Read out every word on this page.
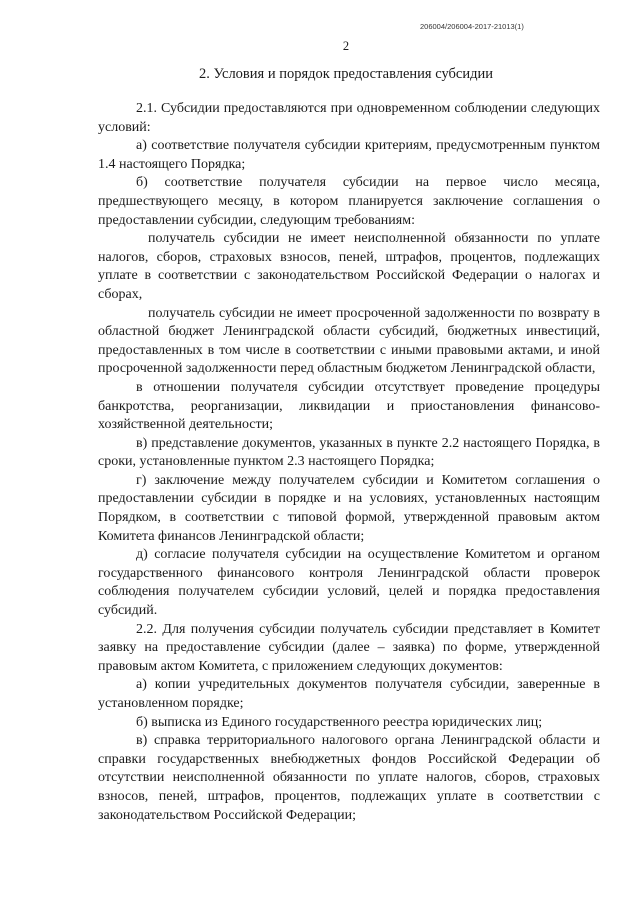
206004/206004-2017-21013(1)
2
2. Условия и порядок предоставления субсидии

2.1. Субсидии предоставляются при одновременном соблюдении следующих условий:

а) соответствие получателя субсидии критериям, предусмотренным пунктом 1.4 настоящего Порядка;

б) соответствие получателя субсидии на первое число месяца, предшествующего месяцу, в котором планируется заключение соглашения о предоставлении субсидии, следующим требованиям:

получатель субсидии не имеет неисполненной обязанности по уплате налогов, сборов, страховых взносов, пеней, штрафов, процентов, подлежащих уплате в соответствии с законодательством Российской Федерации о налогах и сборах,

получатель субсидии не имеет просроченной задолженности по возврату в областной бюджет Ленинградской области субсидий, бюджетных инвестиций, предоставленных в том числе в соответствии с иными правовыми актами, и иной просроченной задолженности перед областным бюджетом Ленинградской области,

в отношении получателя субсидии отсутствует проведение процедуры банкротства, реорганизации, ликвидации и приостановления финансово-хозяйственной деятельности;

в) представление документов, указанных в пункте 2.2 настоящего Порядка, в сроки, установленные пунктом 2.3 настоящего Порядка;

г) заключение между получателем субсидии и Комитетом соглашения о предоставлении субсидии в порядке и на условиях, установленных настоящим Порядком, в соответствии с типовой формой, утвержденной правовым актом Комитета финансов Ленинградской области;

д) согласие получателя субсидии на осуществление Комитетом и органом государственного финансового контроля Ленинградской области проверок соблюдения получателем субсидии условий, целей и порядка предоставления субсидий.

2.2. Для получения субсидии получатель субсидии представляет в Комитет заявку на предоставление субсидии (далее – заявка) по форме, утвержденной правовым актом Комитета, с приложением следующих документов:

а) копии учредительных документов получателя субсидии, заверенные в установленном порядке;

б) выписка из Единого государственного реестра юридических лиц;

в) справка территориального налогового органа Ленинградской области и справки государственных внебюджетных фондов Российской Федерации об отсутствии неисполненной обязанности по уплате налогов, сборов, страховых взносов, пеней, штрафов, процентов, подлежащих уплате в соответствии с законодательством Российской Федерации;
